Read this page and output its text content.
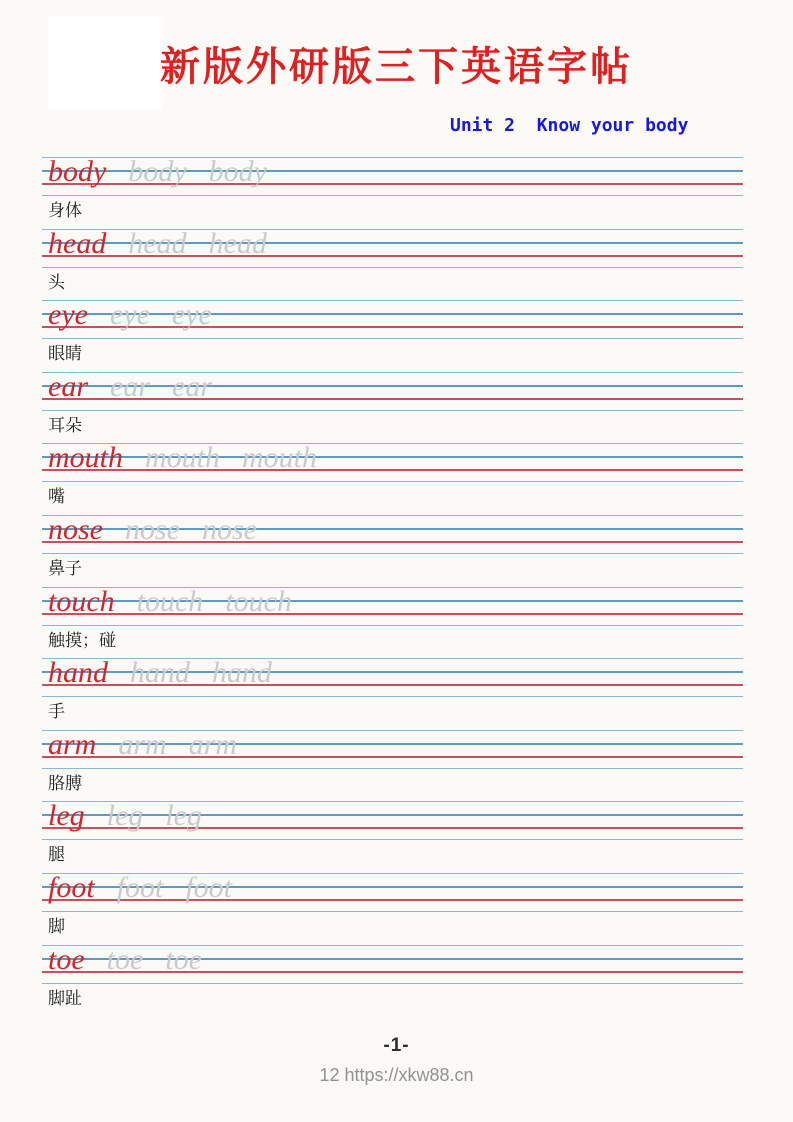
新版外研版三下英语字帖
Unit 2  Know your body
body body body
身体
head head head
头
eye eye eye
眼睛
ear ear ear
耳朵
mouth mouth mouth
嘴
nose nose nose
鼻子
touch touch touch
触摸；碰
hand hand hand
手
arm arm arm
胳膊
leg leg leg
腿
foot foot foot
脚
toe toe toe
脚趾
-1-
12 https://xkw88.cn
